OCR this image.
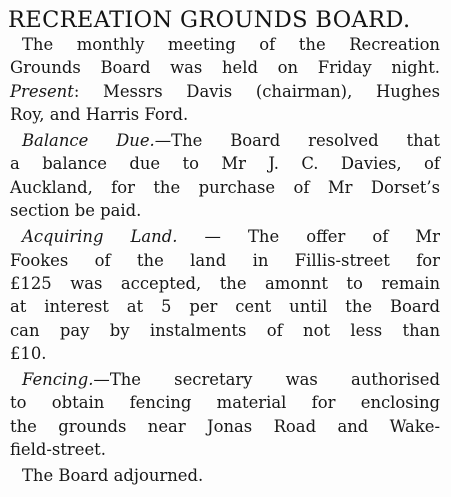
RECREATION GROUNDS BOARD.
The monthly meeting of the Recreation
Grounds Board was held on Friday night.
Present: Messrs Davis (chairman), Hughes
Roy, and Harris Ford.
Balance Due.—The Board resolved that
a balance due to Mr J. C. Davies, of
Auckland, for the purchase of Mr Dorset’s
section be paid.
Acquiring Land. — The offer of Mr
Fookes of the land in Fillis-street for
£125 was accepted, the amonnt to remain
at interest at 5 per cent until the Board
can pay by instalments of not less than
£10.
Fencing.—The secretary was authorised
to obtain fencing material for enclosing
the grounds near Jonas Road and Wake-
field-street.
The Board adjourned.
